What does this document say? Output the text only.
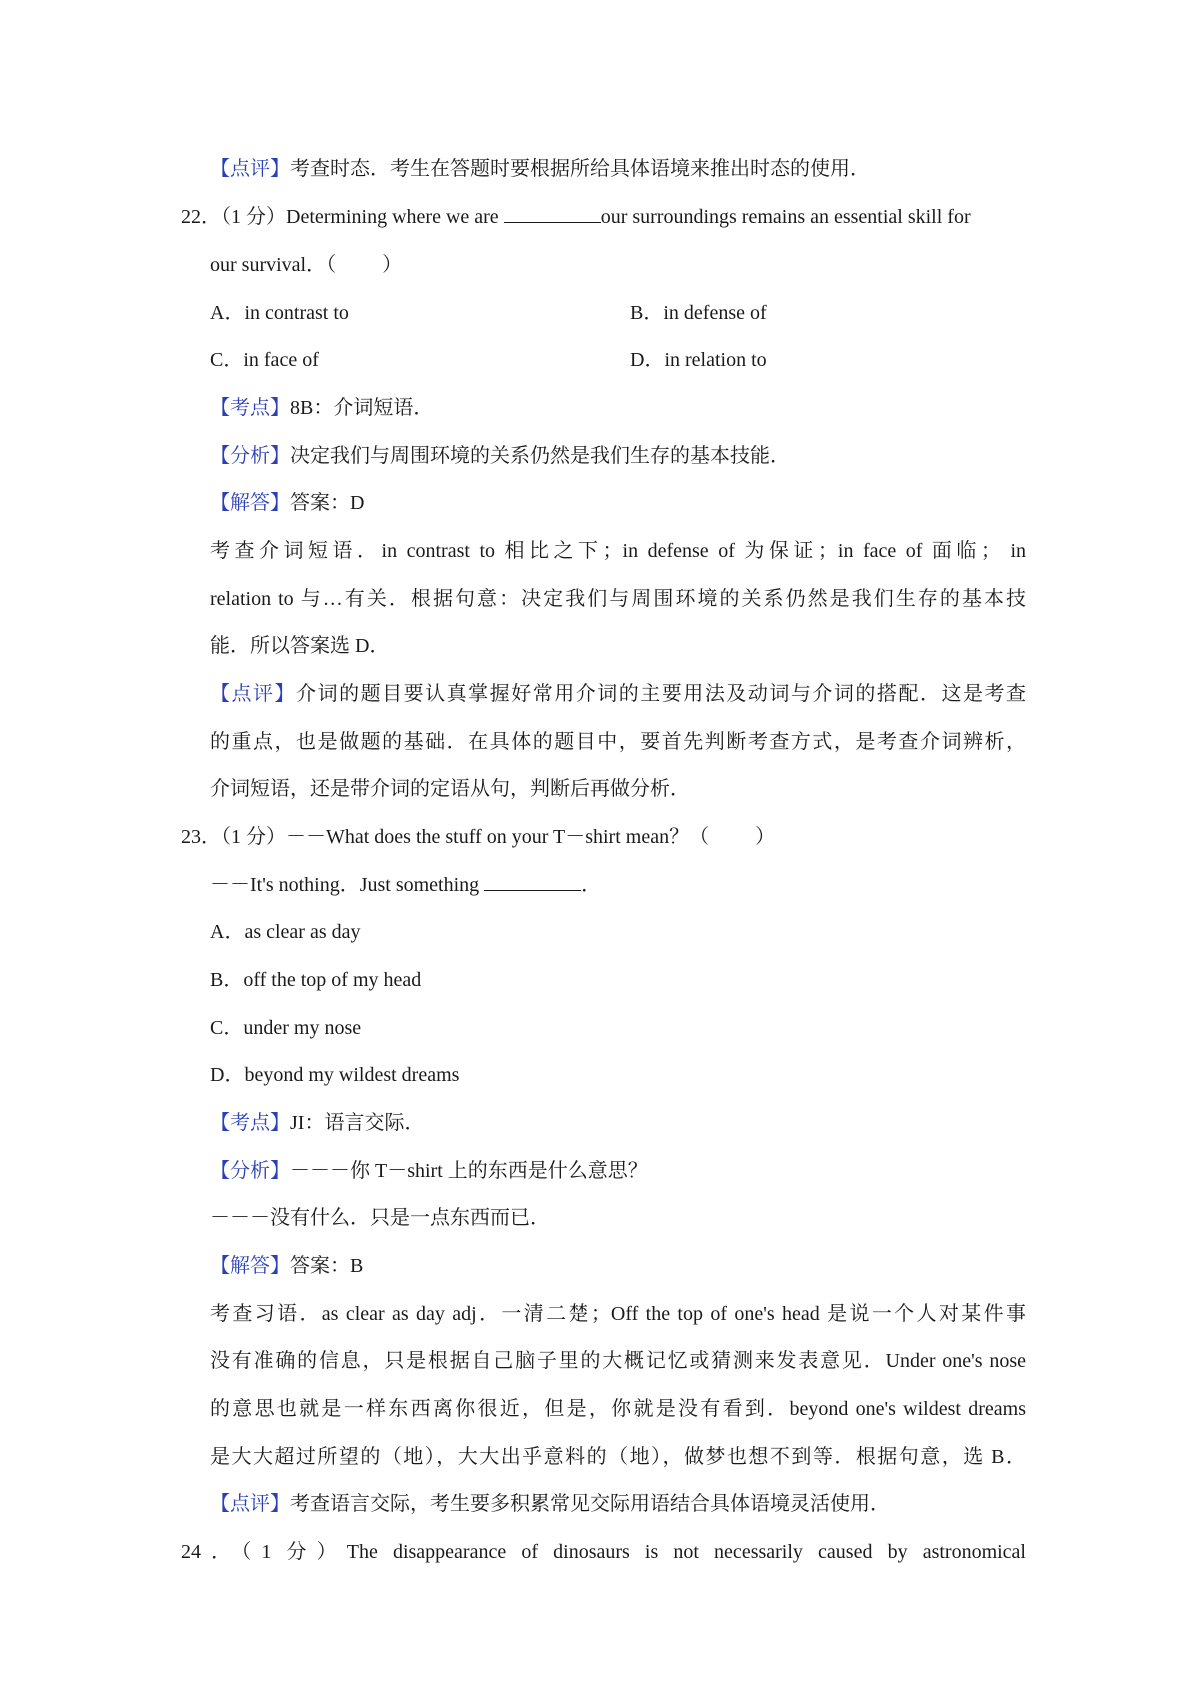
【点评】考查时态．考生在答题时要根据所给具体语境来推出时态的使用．
22．（1 分）Determining where we are	our surroundings remains an essential skill for
our survival．（ ）
A．in contrast to	B．in defense of
C．in face of	D．in relation to
【考点】8B：介词短语．
【分析】决定我们与周围环境的关系仍然是我们生存的基本技能．
【解答】答案：D
考查介词短语．in contrast to 相比之下；in defense of 为保证；in face of 面临； in
relation to 与…有关．根据句意：决定我们与周围环境的关系仍然是我们生存的基本技
能．所以答案选 D．
【点评】介词的题目要认真掌握好常用介词的主要用法及动词与介词的搭配．这是考查
的重点，也是做题的基础．在具体的题目中，要首先判断考查方式，是考查介词辨析，
介词短语，还是带介词的定语从句，判断后再做分析．
23．（1 分）－－What does the stuff on your T－shirt mean？（ ）
－－It's nothing．Just something	．
A．as clear as day
B．off the top of my head
C．under my nose
D．beyond my wildest dreams
【考点】JI：语言交际．
【分析】－－－你 T－shirt 上的东西是什么意思？
－－－没有什么．只是一点东西而已．
【解答】答案：B
考查习语．as clear as day adj．一清二楚；Off the top of one's head 是说一个人对某件事
没有准确的信息，只是根据自己脑子里的大概记忆或猜测来发表意见．Under one's nose
的意思也就是一样东西离你很近，但是，你就是没有看到．beyond one's wildest dreams
是大大超过所望的（地），大大出乎意料的（地），做梦也想不到等．根据句意，选 B．
【点评】考查语言交际，考生要多积累常见交际用语结合具体语境灵活使用．
24．（1 分）The disappearance of dinosaurs is not necessarily caused by astronomical
